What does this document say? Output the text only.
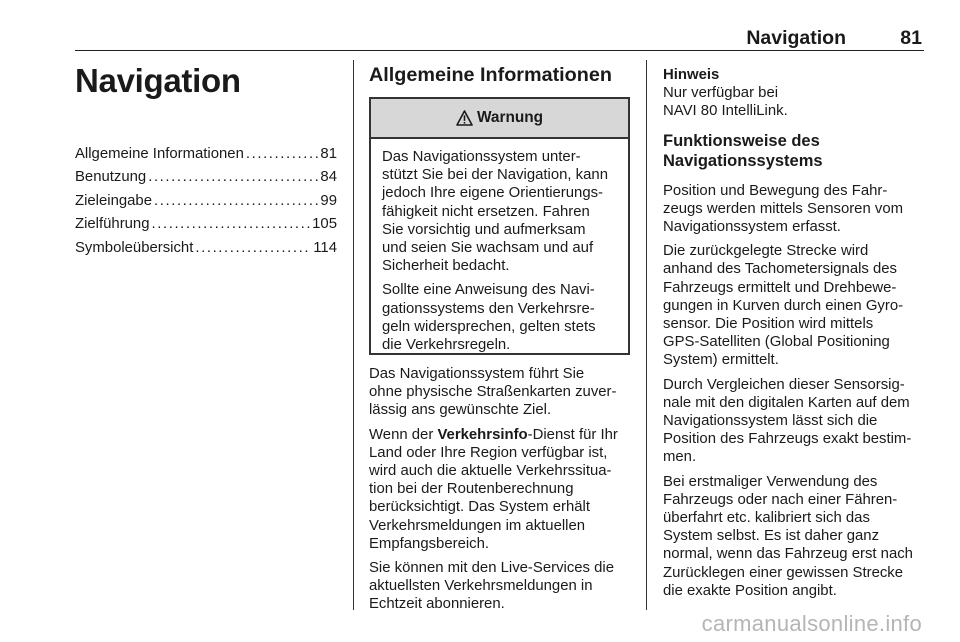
Navigation	81
Navigation
Allgemeine Informationen .....	81
Benutzung .....	84
Zieleingabe .....	99
Zielführung .....	105
Symboleübersicht .....	114
Allgemeine Informationen
Warnung

Das Navigationssystem unter-
stützt Sie bei der Navigation, kann
jedoch Ihre eigene Orientierungs-
fähigkeit nicht ersetzen. Fahren
Sie vorsichtig und aufmerksam
und seien Sie wachsam und auf
Sicherheit bedacht.

Sollte eine Anweisung des Navi-
gationssystems den Verkehrsre-
geln widersprechen, gelten stets
die Verkehrsregeln.

Das Navigationssystem führt Sie
ohne physische Straßenkarten zuver-
lässig ans gewünschte Ziel.

Wenn der Verkehrsinfo-Dienst für Ihr
Land oder Ihre Region verfügbar ist,
wird auch die aktuelle Verkehrssitua-
tion bei der Routenberechnung
berücksichtigt. Das System erhält
Verkehrsmeldungen im aktuellen
Empfangsbereich.

Sie können mit den Live-Services die
aktuellsten Verkehrsmeldungen in
Echtzeit abonnieren.

Hinweis

Nur verfügbar bei
NAVI 80 IntelliLink.

Funktionsweise des
Navigationssystems

Position und Bewegung des Fahr-
zeugs werden mittels Sensoren vom
Navigationssystem erfasst.

Die zurückgelegte Strecke wird
anhand des Tachometersignals des
Fahrzeugs ermittelt und Drehbewe-
gungen in Kurven durch einen Gyro-
sensor. Die Position wird mittels
GPS-Satelliten (Global Positioning
System) ermittelt.

Durch Vergleichen dieser Sensorsig-
nale mit den digitalen Karten auf dem
Navigationssystem lässt sich die
Position des Fahrzeugs exakt bestim-
men.

Bei erstmaliger Verwendung des
Fahrzeugs oder nach einer Fähren-
überfahrt etc. kalibriert sich das
System selbst. Es ist daher ganz
normal, wenn das Fahrzeug erst nach
Zurücklegen einer gewissen Strecke
die exakte Position angibt.

carmanualsonline.info
